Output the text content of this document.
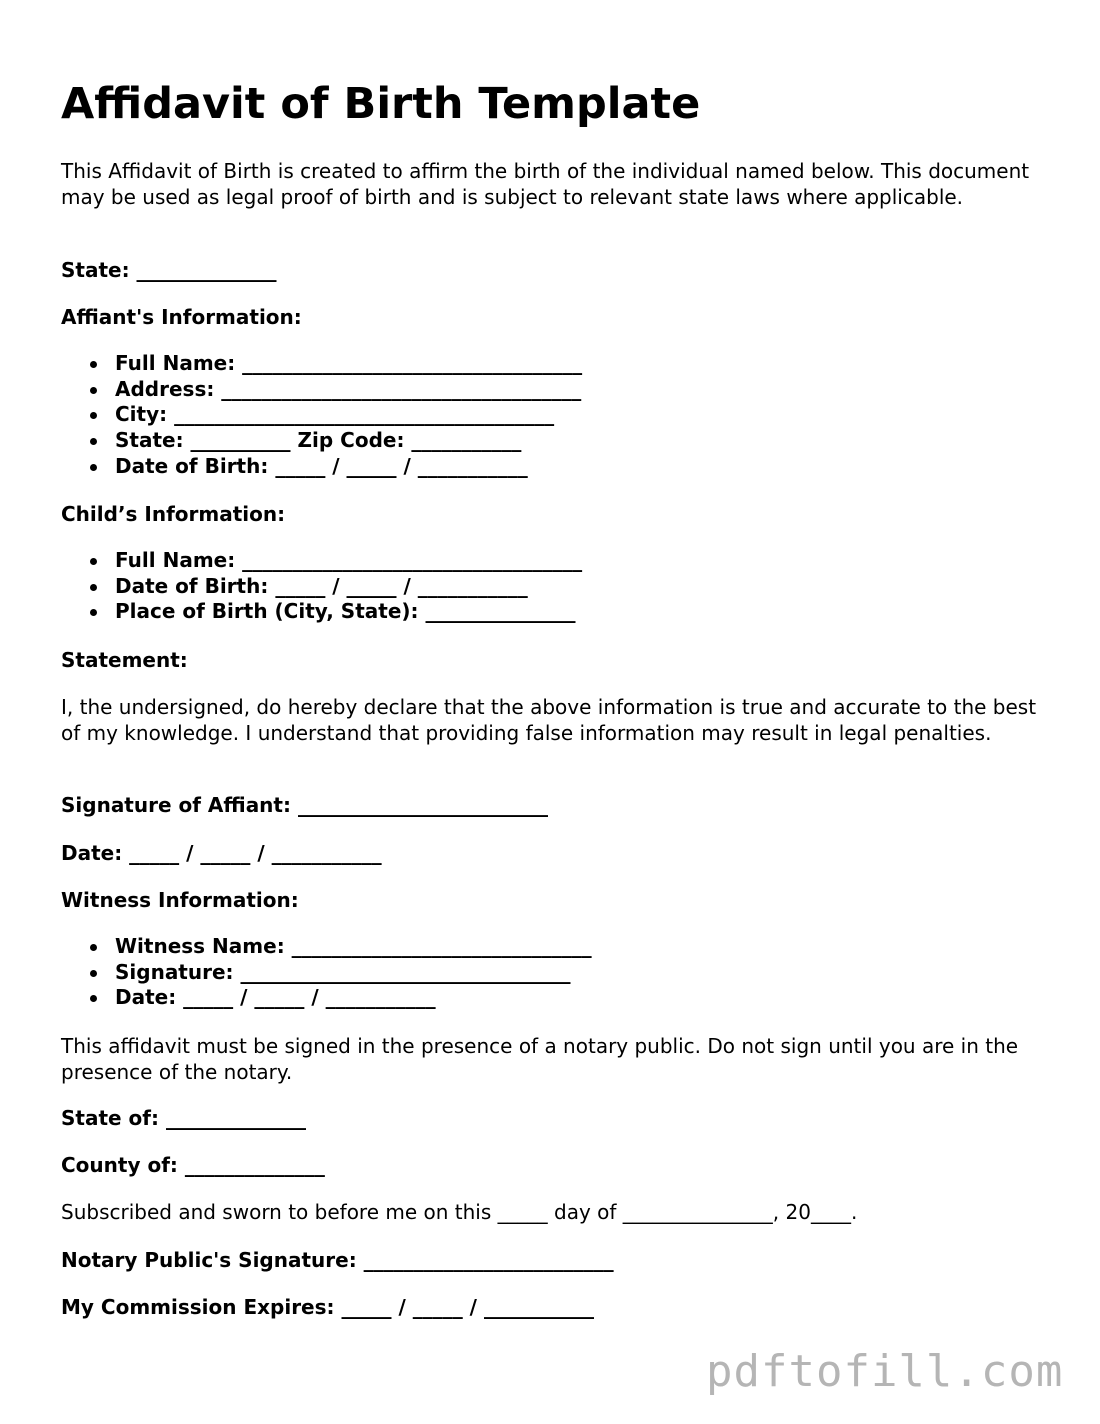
Affidavit of Birth Template

This Affidavit of Birth is created to affirm the birth of the individual named below. This document may be used as legal proof of birth and is subject to relevant state laws where applicable.

State: ______________

Affiant's Information:

Full Name: __________________________________
Address: ____________________________________
City: ______________________________________
State: __________ Zip Code: ___________
Date of Birth: _____ / _____ / ___________

Child’s Information:

Full Name: __________________________________
Date of Birth: _____ / _____ / ___________
Place of Birth (City, State): _______________

Statement:

I, the undersigned, do hereby declare that the above information is true and accurate to the best of my knowledge. I understand that providing false information may result in legal penalties.

Signature of Affiant: _________________________

Date: _____ / _____ / ___________

Witness Information:

Witness Name: ______________________________
Signature: _________________________________
Date: _____ / _____ / ___________

This affidavit must be signed in the presence of a notary public. Do not sign until you are in the presence of the notary.

State of: ______________

County of: ______________

Subscribed and sworn to before me on this _____ day of _______________, 20____.

Notary Public's Signature: _________________________

My Commission Expires: _____ / _____ / ___________

pdftofill.com
